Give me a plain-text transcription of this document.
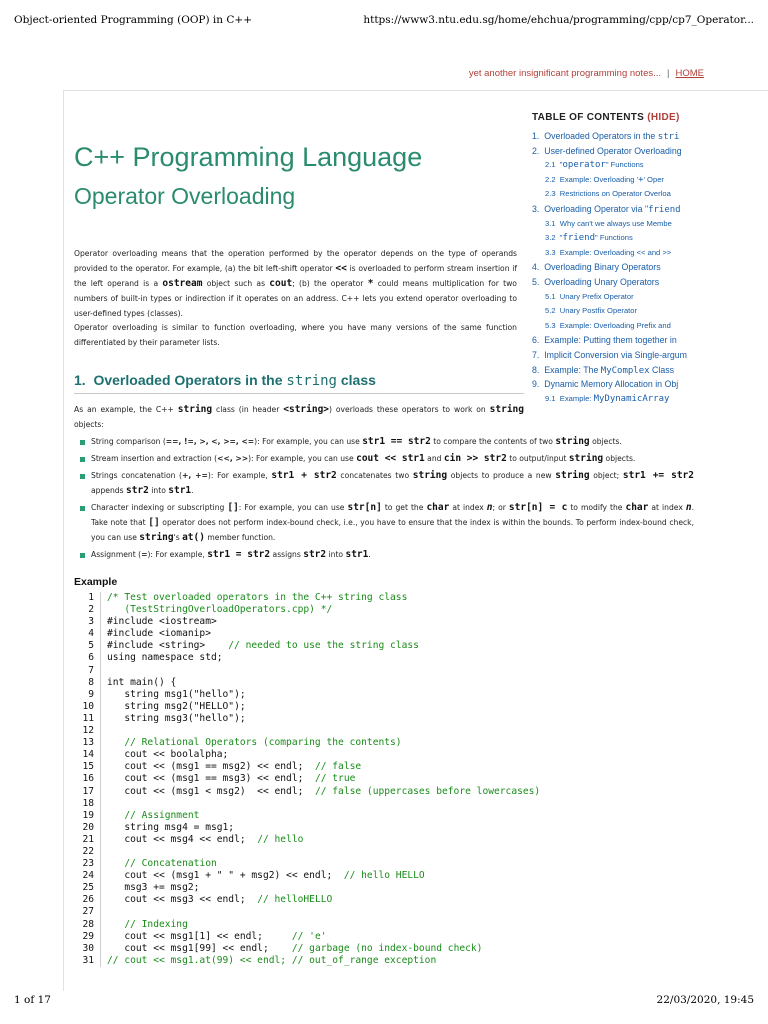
Object-oriented Programming (OOP) in C++	https://www3.ntu.edu.sg/home/ehchua/programming/cpp/cp7_Operator...
yet another insignificant programming notes... | HOME
C++ Programming Language
Operator Overloading
TABLE OF CONTENTS (HIDE)
1. Overloaded Operators in the stri
2. User-defined Operator Overloading
2.1 "operator" Functions
2.2 Example: Overloading '+' Oper
2.3 Restrictions on Operator Overloa
3. Overloading Operator via "friend
3.1 Why can't we always use Membe
3.2 "friend" Functions
3.3 Example: Overloading << and >>
4. Overloading Binary Operators
5. Overloading Unary Operators
5.1 Unary Prefix Operator
5.2 Unary Postfix Operator
5.3 Example: Overloading Prefix and
6. Example: Putting them together in
7. Implicit Conversion via Single-argum
8. Example: The MyComplex Class
9. Dynamic Memory Allocation in Obj
9.1 Example: MyDynamicArray
Operator overloading means that the operation performed by the operator depends on the type of operands provided to the operator. For example, (a) the bit left-shift operator << is overloaded to perform stream insertion if the left operand is a ostream object such as cout; (b) the operator * could means multiplication for two numbers of built-in types or indirection if it operates on an address. C++ lets you extend operator overloading to user-defined types (classes).
Operator overloading is similar to function overloading, where you have many versions of the same function differentiated by their parameter lists.
1. Overloaded Operators in the string class
As an example, the C++ string class (in header <string>) overloads these operators to work on string objects:
String comparison (==, !=, >, <, >=, <=): For example, you can use str1 == str2 to compare the contents of two string objects.
Stream insertion and extraction (<<, >>): For example, you can use cout << str1 and cin >> str2 to output/input string objects.
Strings concatenation (+, +=): For example, str1 + str2 concatenates two string objects to produce a new string object; str1 += str2 appends str2 into str1.
Character indexing or subscripting []: For example, you can use str[n] to get the char at index n; or str[n] = c to modify the char at index n. Take note that [] operator does not perform index-bound check, i.e., you have to ensure that the index is within the bounds. To perform index-bound check, you can use string's at() member function.
Assignment (=): For example, str1 = str2 assigns str2 into str1.
Example
1
2
3
4
5
6
7
8
9
10
11
12
13
14
15
16
17
18
19
20
21
22
23
24
25
26
27
28
29
30
31
/* Test overloaded operators in the C++ string class
(TestStringOverloadOperators.cpp) */
#include <iostream>
#include <iomanip>
#include <string>    // needed to use the string class
using namespace std;
int main() {
string msg1("hello");
string msg2("HELLO");
string msg3("hello");
// Relational Operators (comparing the contents)
cout << boolalpha;
cout << (msg1 == msg2) << endl;  // false
cout << (msg1 == msg3) << endl;  // true
cout << (msg1 < msg2)  << endl;  // false (uppercases before lowercases)
// Assignment
string msg4 = msg1;
cout << msg4 << endl;  // hello
// Concatenation
cout << (msg1 + " " + msg2) << endl;  // hello HELLO
msg3 += msg2;
cout << msg3 << endl;  // helloHELLO
// Indexing
cout << msg1[1] << endl;     // 'e'
cout << msg1[99] << endl;    // garbage (no index-bound check)
// cout << msg1.at(99) << endl; // out_of_range exception
1 of 17	22/03/2020, 19:45
